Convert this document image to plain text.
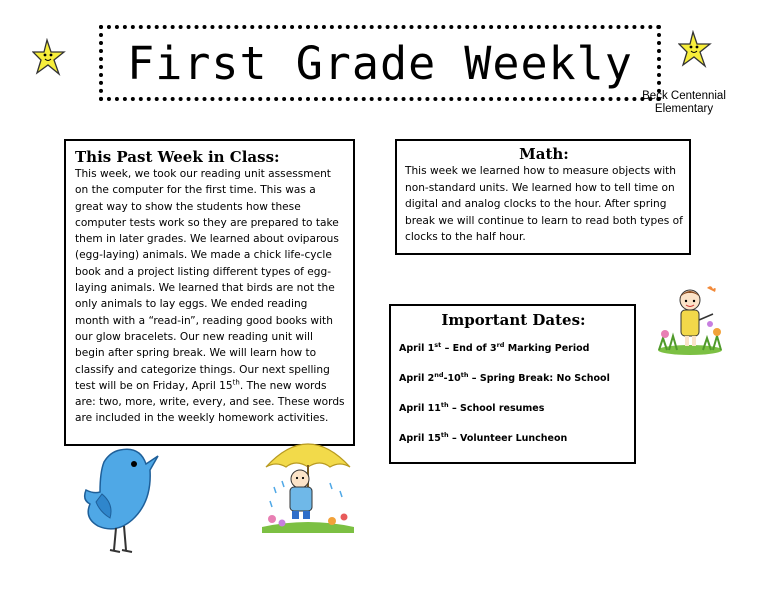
First Grade Weekly
Beck Centennial
Elementary
This Past Week in Class:

This week, we took our reading unit assessment on the computer for the first time. This was a great way to show the students how these computer tests work so they are prepared to take them in later grades. We learned about oviparous (egg-laying) animals. We made a chick life-cycle book and a project listing different types of egg-laying animals. We learned that birds are not the only animals to lay eggs. We ended reading month with a “read-in”, reading good books with our glow bracelets. Our new reading unit will begin after spring break. We will learn how to classify and categorize things. Our next spelling test will be on Friday, April 15th. The new words are: two, more, write, every, and see. These words are included in the weekly homework activities.

Math:

This week we learned how to measure objects with non-standard units. We learned how to tell time on digital and analog clocks to the hour. After spring break we will continue to learn to read both types of clocks to the half hour.

Important Dates:

April 1st – End of 3rd Marking Period

April 2nd-10th – Spring Break: No School

April 11th – School resumes

April 15th – Volunteer Luncheon
